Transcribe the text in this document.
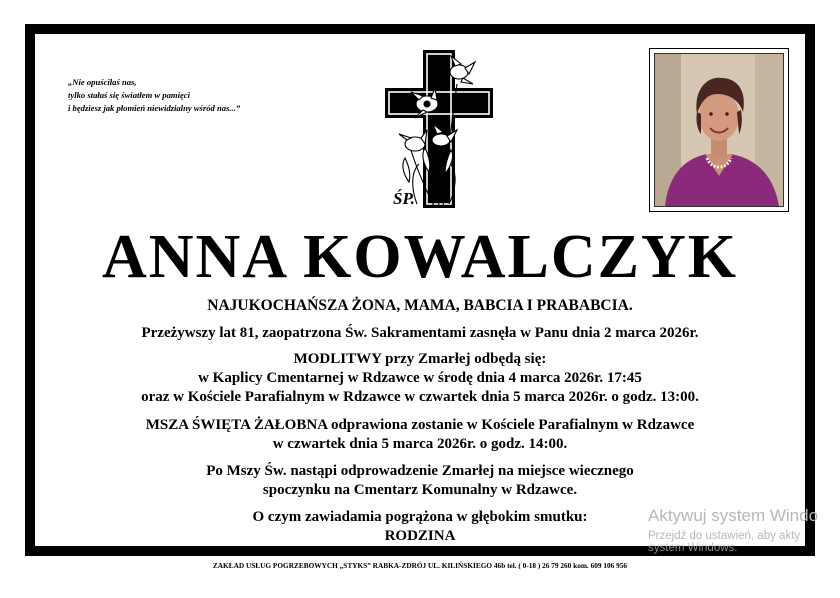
„Nie opuściłaś nas,
tylko stałaś się światłem w pamięci
i będziesz jak płomień niewidzialny wśród nas...”
ŚP.
ANNA KOWALCZYK
NAJUKOCHAŃSZA ŻONA, MAMA, BABCIA I PRABABCIA.
Przeżywszy lat 81, zaopatrzona Św. Sakramentami zasnęła w Panu dnia 2 marca 2026r.
MODLITWY przy Zmarłej odbędą się:
w Kaplicy Cmentarnej w Rdzawce w środę dnia 4 marca 2026r. 17:45
oraz w Kościele Parafialnym w Rdzawce w czwartek dnia 5 marca 2026r. o godz. 13:00.
MSZA ŚWIĘTA ŻAŁOBNA odprawiona zostanie w Kościele Parafialnym w Rdzawce
w czwartek dnia 5 marca 2026r. o godz. 14:00.
Po Mszy Św. nastąpi odprowadzenie Zmarłej na miejsce wiecznego
spoczynku na Cmentarz Komunalny w Rdzawce.
O czym zawiadamia pogrążona w głębokim smutku:
RODZINA
ZAKŁAD USŁUG POGRZEBOWYCH „STYKS” RABKA-ZDRÓJ UL. KILIŃSKIEGO 46b tel. ( 0-18 ) 26 79 260 kom. 609 106 956
Aktywuj system Windo
Przejdź do ustawień, aby akty
system Windows.
